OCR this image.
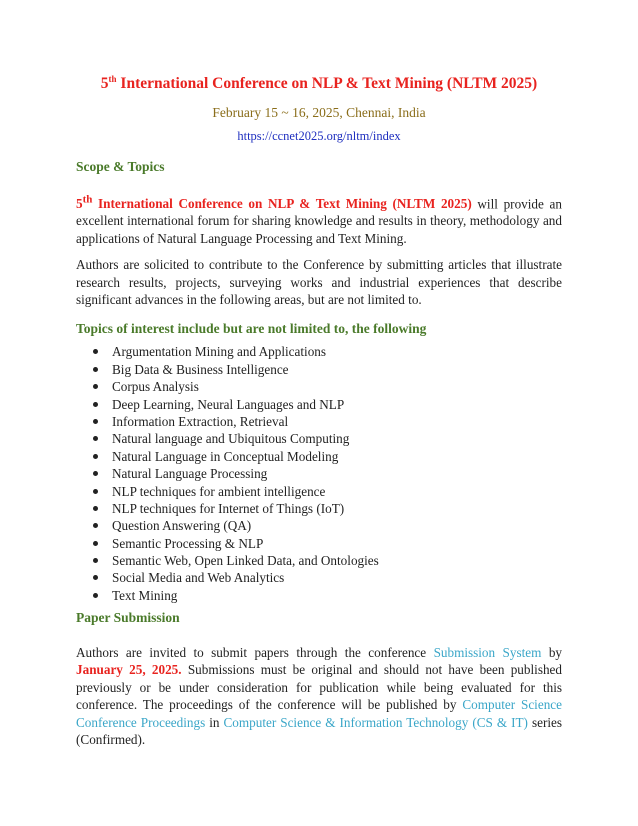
5th International Conference on NLP & Text Mining (NLTM 2025)
February 15 ~ 16, 2025, Chennai, India
https://ccnet2025.org/nltm/index
Scope & Topics

5th International Conference on NLP & Text Mining (NLTM 2025) will provide an excellent international forum for sharing knowledge and results in theory, methodology and applications of Natural Language Processing and Text Mining.

Authors are solicited to contribute to the Conference by submitting articles that illustrate research results, projects, surveying works and industrial experiences that describe significant advances in the following areas, but are not limited to.

Topics of interest include but are not limited to, the following
Argumentation Mining and Applications
Big Data & Business Intelligence
Corpus Analysis
Deep Learning, Neural Languages and NLP
Information Extraction, Retrieval
Natural language and Ubiquitous Computing
Natural Language in Conceptual Modeling
Natural Language Processing
NLP techniques for ambient intelligence
NLP techniques for Internet of Things (IoT)
Question Answering (QA)
Semantic Processing & NLP
Semantic Web, Open Linked Data, and Ontologies
Social Media and Web Analytics
Text Mining
Paper Submission

Authors are invited to submit papers through the conference Submission System by January 25, 2025. Submissions must be original and should not have been published previously or be under consideration for publication while being evaluated for this conference. The proceedings of the conference will be published by Computer Science Conference Proceedings in Computer Science & Information Technology (CS & IT) series (Confirmed).
